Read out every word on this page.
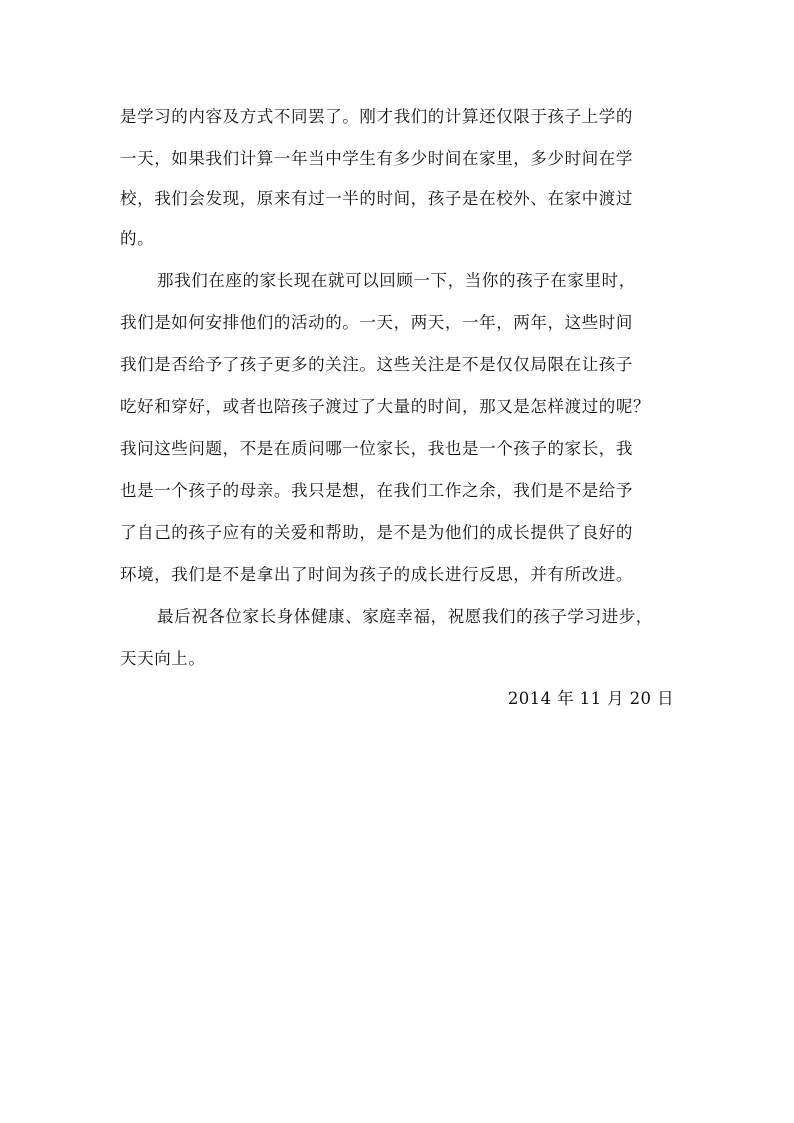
是学习的内容及方式不同罢了。刚才我们的计算还仅限于孩子上学的
一天，如果我们计算一年当中学生有多少时间在家里，多少时间在学
校，我们会发现，原来有过一半的时间，孩子是在校外、在家中渡过
的。
那我们在座的家长现在就可以回顾一下，当你的孩子在家里时，
我们是如何安排他们的活动的。一天，两天，一年，两年，这些时间
我们是否给予了孩子更多的关注。这些关注是不是仅仅局限在让孩子
吃好和穿好，或者也陪孩子渡过了大量的时间，那又是怎样渡过的呢？
我问这些问题，不是在质问哪一位家长，我也是一个孩子的家长，我
也是一个孩子的母亲。我只是想，在我们工作之余，我们是不是给予
了自己的孩子应有的关爱和帮助，是不是为他们的成长提供了良好的
环境，我们是不是拿出了时间为孩子的成长进行反思，并有所改进。
最后祝各位家长身体健康、家庭幸福，祝愿我们的孩子学习进步，
天天向上。
2014 年 11 月 20 日
